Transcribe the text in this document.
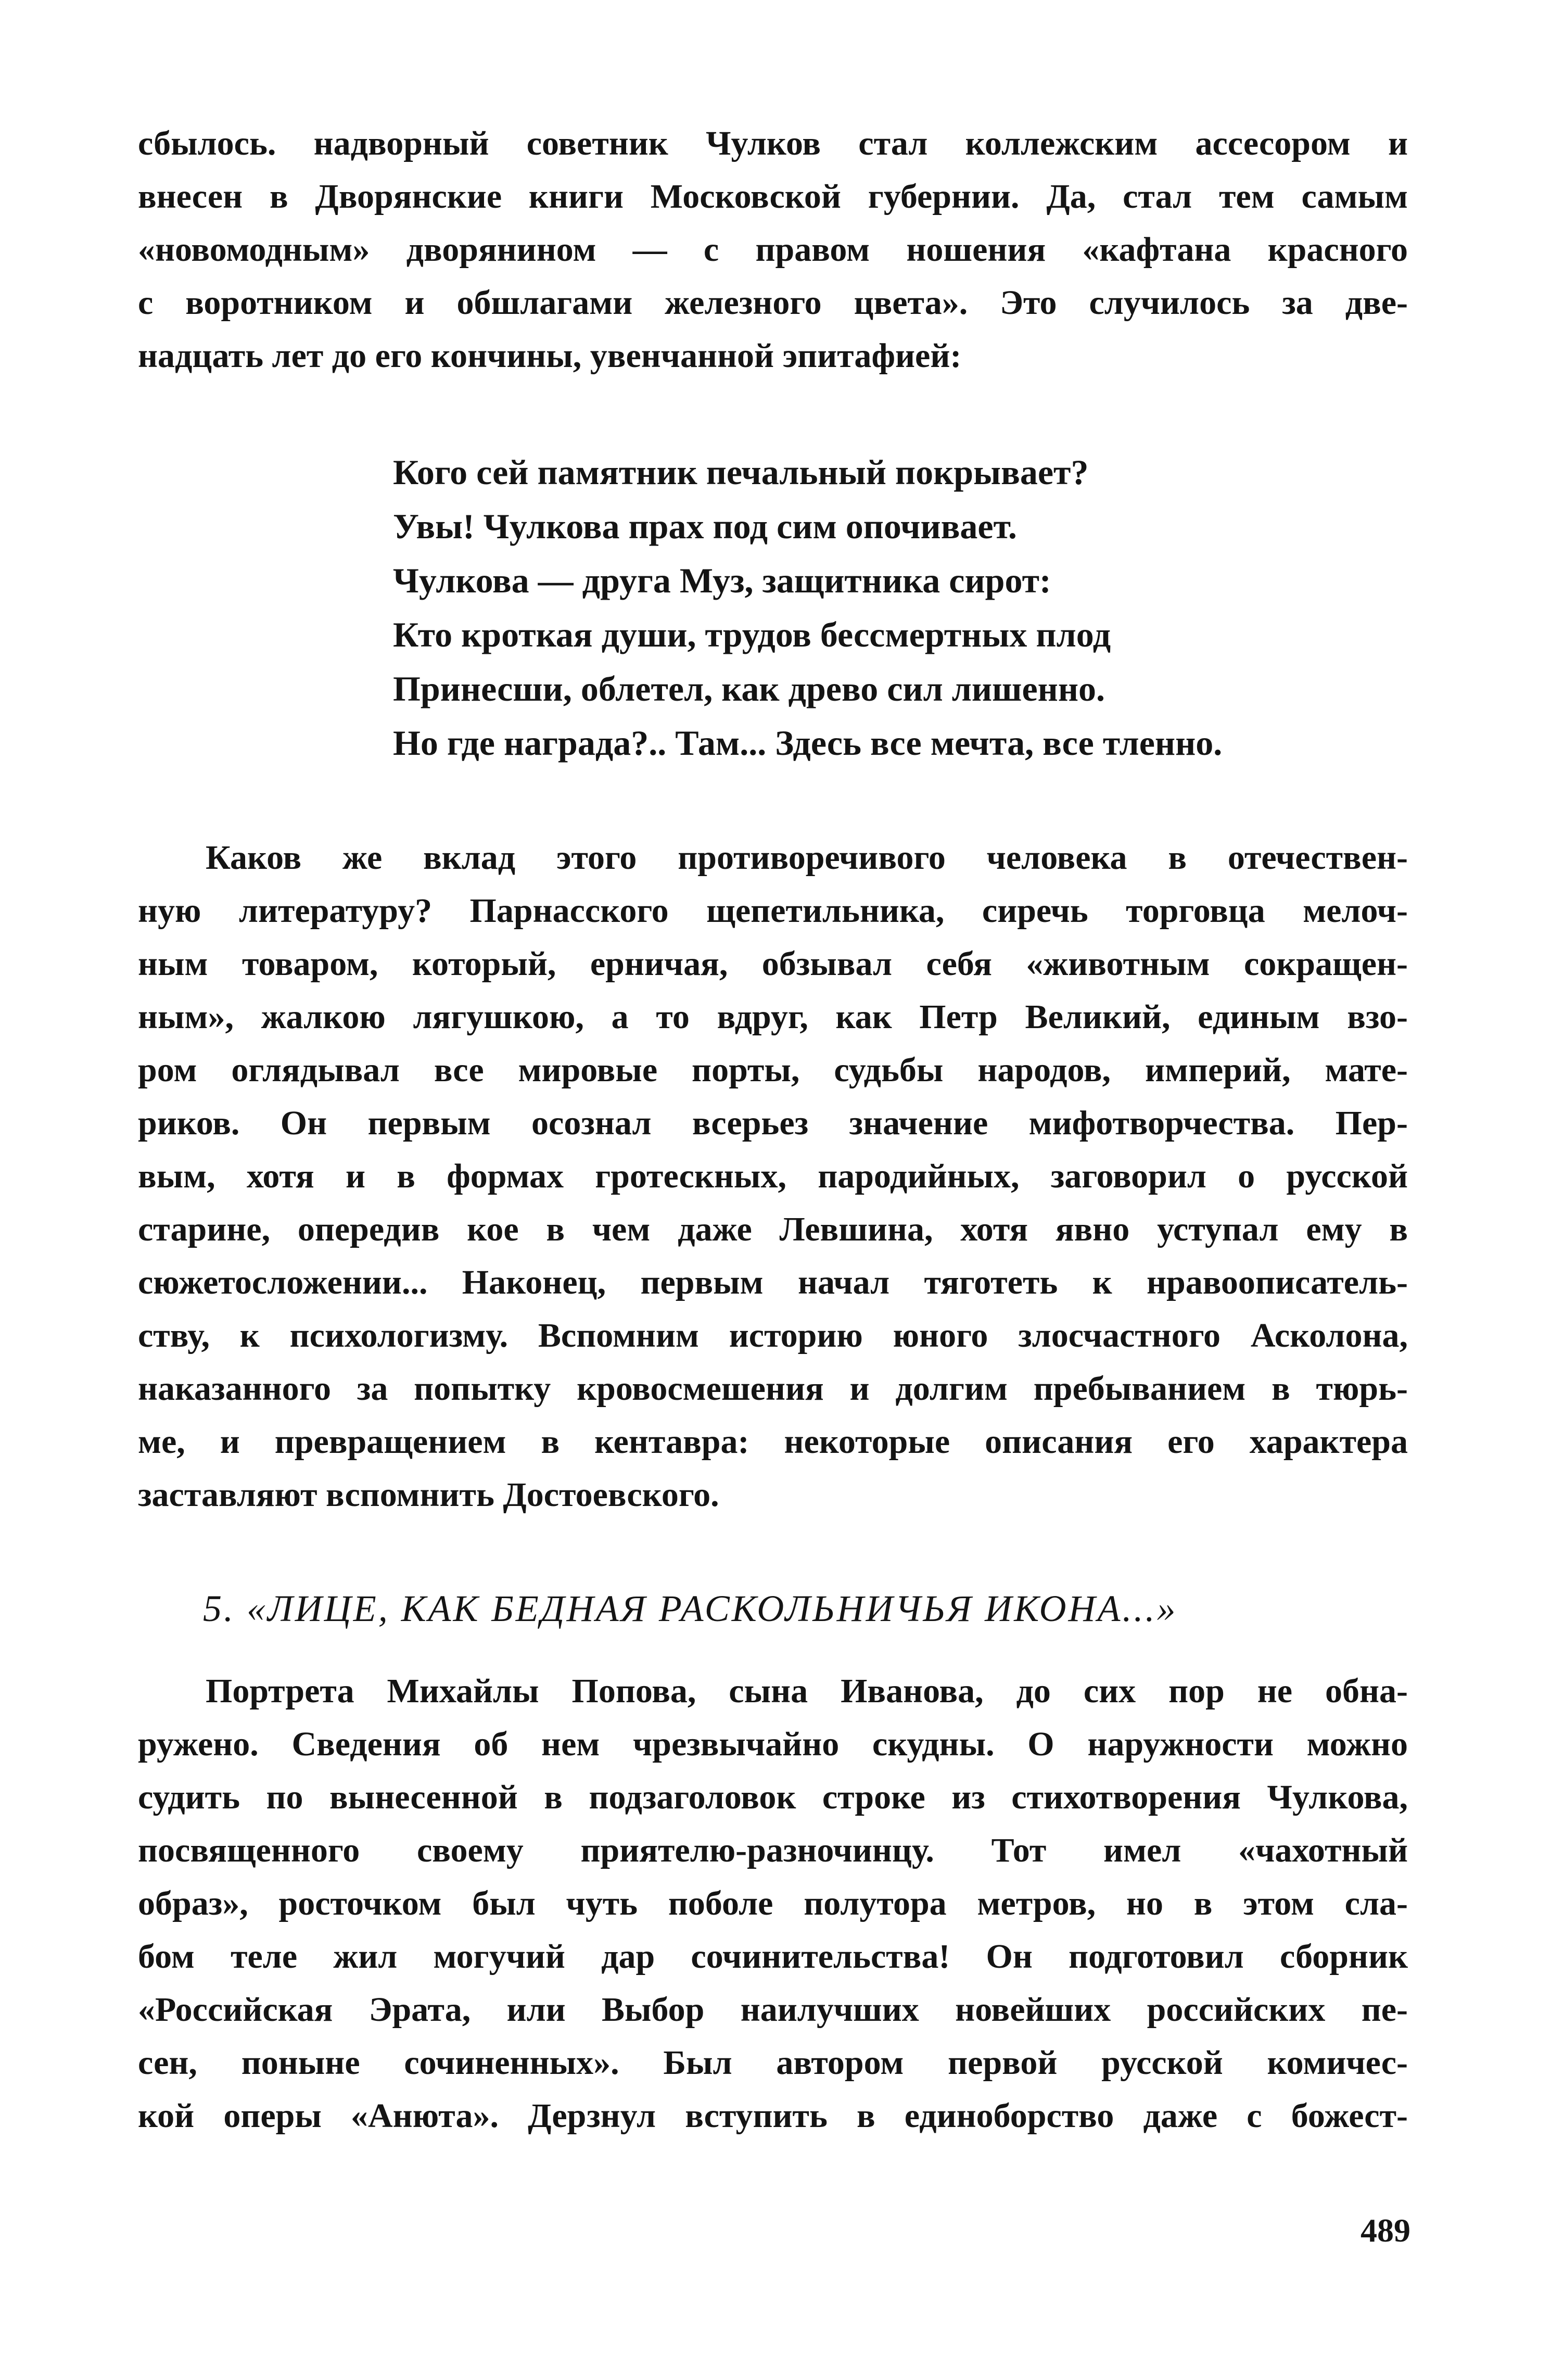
сбылось. надворный советник Чулков стал коллежским ассесором и
внесен в Дворянские книги Московской губернии. Да, стал тем самым
«новомодным» дворянином — с правом ношения «кафтана красного
с воротником и обшлагами железного цвета». Это случилось за две-
надцать лет до его кончины, увенчанной эпитафией:
Кого сей памятник печальный покрывает?
Увы! Чулкова прах под сим опочивает.
Чулкова — друга Муз, защитника сирот:
Кто кроткая души, трудов бессмертных плод
Принесши, облетел, как древо сил лишенно.
Но где награда?.. Там... Здесь все мечта, все тленно.
Каков же вклад этого противоречивого человека в отечествен-
ную литературу? Парнасского щепетильника, сиречь торговца мелоч-
ным товаром, который, ерничая, обзывал себя «животным сокращен-
ным», жалкою лягушкою, а то вдруг, как Петр Великий, единым взо-
ром оглядывал все мировые порты, судьбы народов, империй, мате-
риков. Он первым осознал всерьез значение мифотворчества. Пер-
вым, хотя и в формах гротескных, пародийных, заговорил о русской
старине, опередив кое в чем даже Левшина, хотя явно уступал ему в
сюжетосложении... Наконец, первым начал тяготеть к нравоописатель-
ству, к психологизму. Вспомним историю юного злосчастного Асколона,
наказанного за попытку кровосмешения и долгим пребыванием в тюрь-
ме, и превращением в кентавра: некоторые описания его характера
заставляют вспомнить Достоевского.
5. «ЛИЦЕ, КАК БЕДНАЯ РАСКОЛЬНИЧЬЯ ИКОНА...»
Портрета Михайлы Попова, сына Иванова, до сих пор не обна-
ружено. Сведения об нем чрезвычайно скудны. О наружности можно
судить по вынесенной в подзаголовок строке из стихотворения Чулкова,
посвященного своему приятелю-разночинцу. Тот имел «чахотный
образ», росточком был чуть поболе полутора метров, но в этом сла-
бом теле жил могучий дар сочинительства! Он подготовил сборник
«Российская Эрата, или Выбор наилучших новейших российских пе-
сен, поныне сочиненных». Был автором первой русской комичес-
кой оперы «Анюта». Дерзнул вступить в единоборство даже с божест-
489
